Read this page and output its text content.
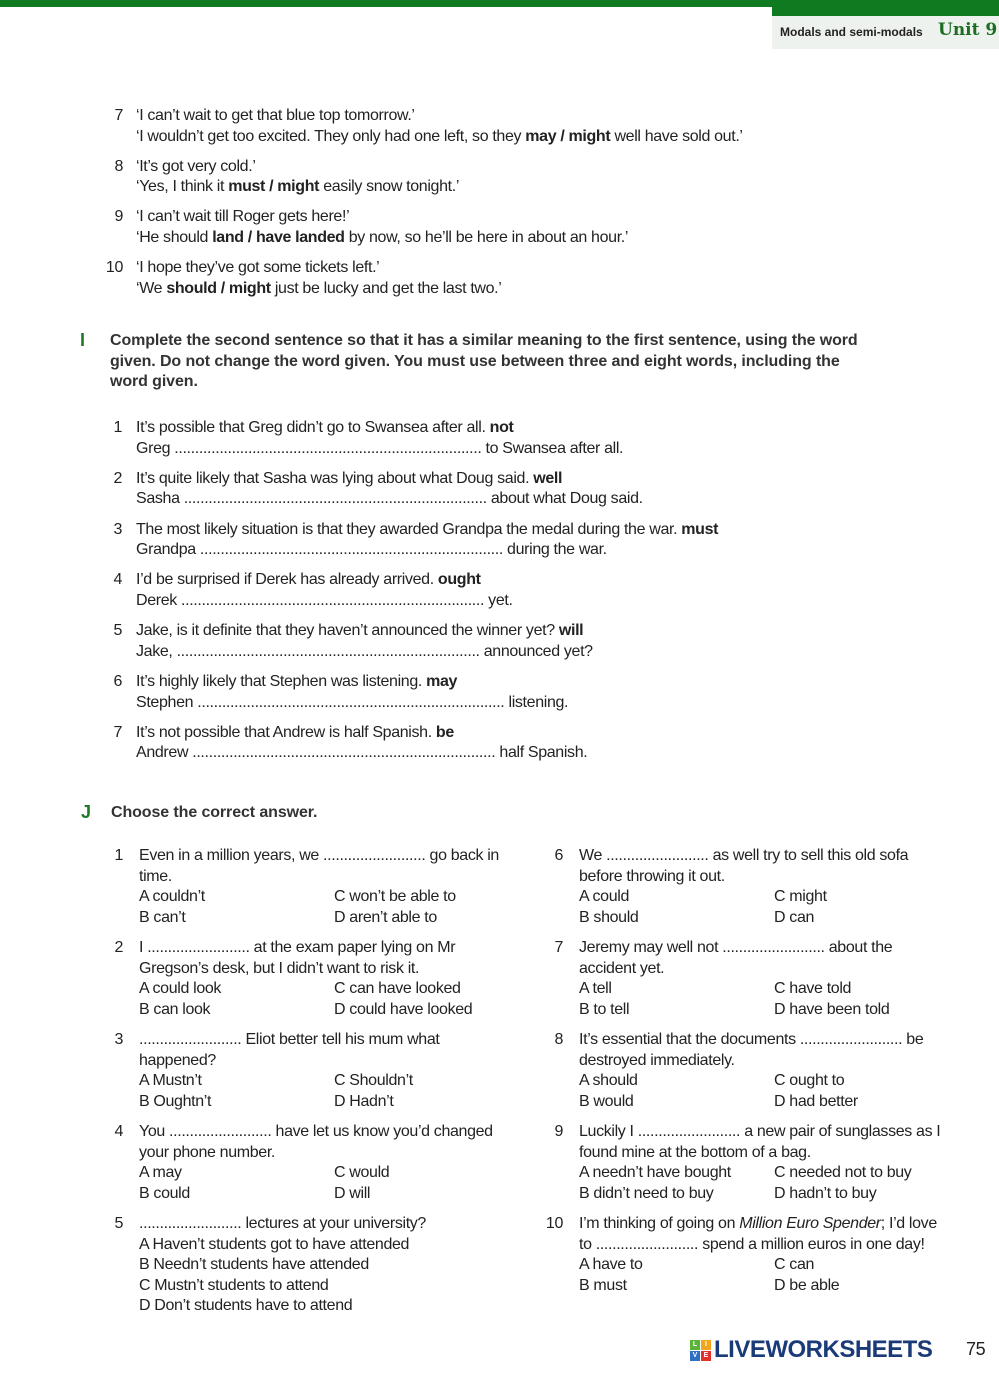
Modals and semi-modals Unit 9
7 ‘I can’t wait to get that blue top tomorrow.’
‘I wouldn’t get too excited. They only had one left, so they may / might well have sold out.’
8 ‘It’s got very cold.’
‘Yes, I think it must / might easily snow tonight.’
9 ‘I can’t wait till Roger gets here!’
‘He should land / have landed by now, so he’ll be here in about an hour.’
10 ‘I hope they’ve got some tickets left.’
‘We should / might just be lucky and get the last two.’
I Complete the second sentence so that it has a similar meaning to the first sentence, using the word given. Do not change the word given. You must use between three and eight words, including the word given.
1 It’s possible that Greg didn’t go to Swansea after all. not
Greg ........................................................................... to Swansea after all.
2 It’s quite likely that Sasha was lying about what Doug said. well
Sasha .......................................................................... about what Doug said.
3 The most likely situation is that they awarded Grandpa the medal during the war. must
Grandpa .......................................................................... during the war.
4 I’d be surprised if Derek has already arrived. ought
Derek .......................................................................... yet.
5 Jake, is it definite that they haven’t announced the winner yet? will
Jake, .......................................................................... announced yet?
6 It’s highly likely that Stephen was listening. may
Stephen ........................................................................... listening.
7 It’s not possible that Andrew is half Spanish. be
Andrew .......................................................................... half Spanish.
J Choose the correct answer.
1 Even in a million years, we ......................... go back in time.
A couldn’t	C won’t be able to
B can’t	D aren’t able to
2 I ......................... at the exam paper lying on Mr Gregson’s desk, but I didn’t want to risk it.
A could look	C can have looked
B can look	D could have looked
3 ......................... Eliot better tell his mum what happened?
A Mustn’t	C Shouldn’t
B Oughtn’t	D Hadn’t
4 You ......................... have let us know you’d changed your phone number.
A may	C would
B could	D will
5 ......................... lectures at your university?
A Haven’t students got to have attended
B Needn’t students have attended
C Mustn’t students to attend
D Don’t students have to attend
6 We ......................... as well try to sell this old sofa before throwing it out.
A could	C might
B should	D can
7 Jeremy may well not ......................... about the accident yet.
A tell	C have told
B to tell	D have been told
8 It’s essential that the documents ......................... be destroyed immediately.
A should	C ought to
B would	D had better
9 Luckily I ......................... a new pair of sunglasses as I found mine at the bottom of a bag.
A needn’t have bought	C needed not to buy
B didn’t need to buy	D hadn’t to buy
10 I’m thinking of going on Million Euro Spender; I’d love to ......................... spend a million euros in one day!
A have to	C can
B must	D be able
L	I
V E LIVEWORKSHEETS 75
